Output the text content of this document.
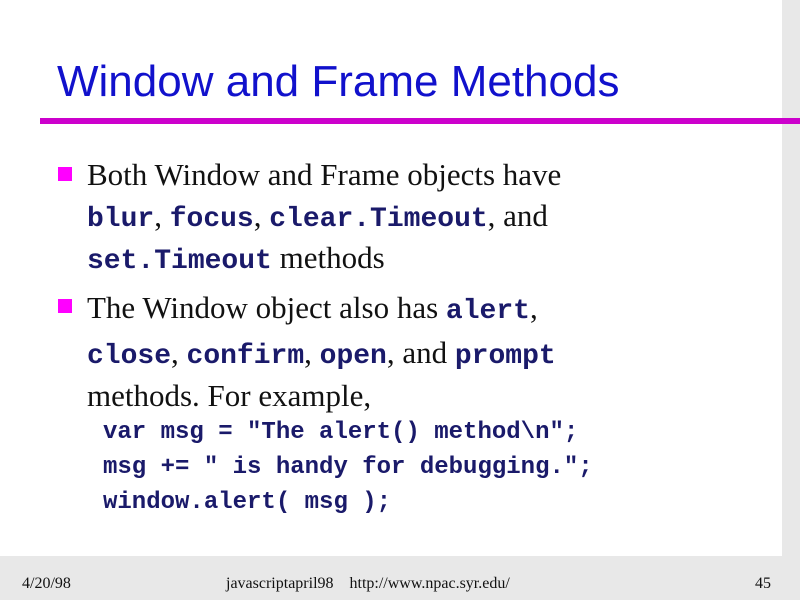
Window and Frame Methods
Both Window and Frame objects have
blur, focus, clear.Timeout, and
set.Timeout methods
The Window object also has alert,
close, confirm, open, and prompt
methods. For example,
var msg = "The alert() method\n";
msg += " is handy for debugging.";
window.alert( msg );
4/20/98	javascriptapril98    http://www.npac.syr.edu/	45
